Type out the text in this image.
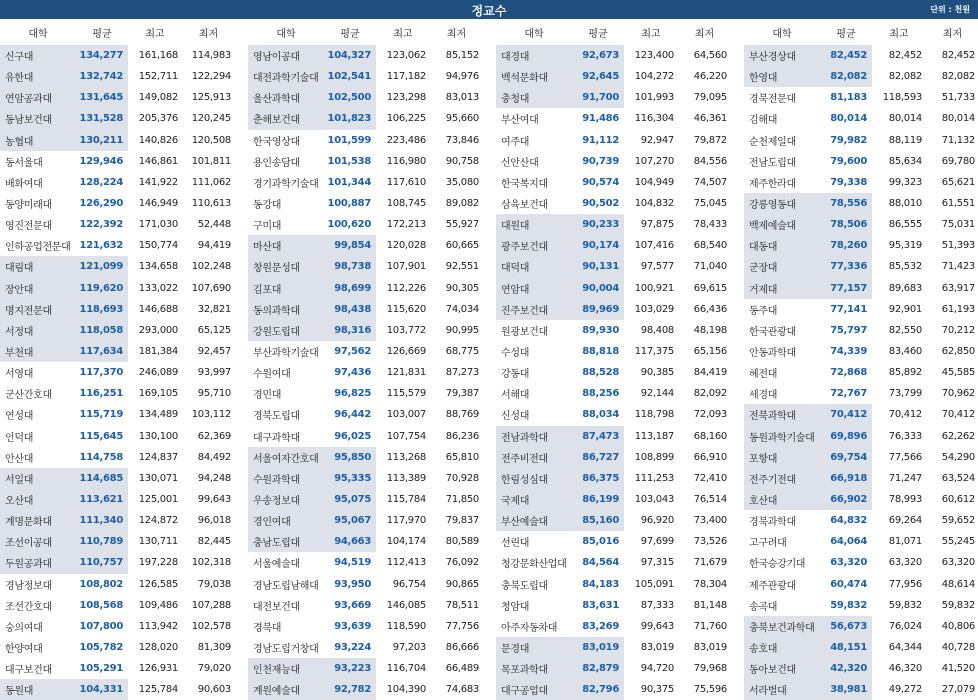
정교수	단위 : 천원
대학	평균	최고	최저
신구대	134,277	161,168	114,983
유한대	132,742	152,711	122,294
연암공과대	131,645	149,082	125,913
동남보건대	131,528	205,376	120,245
농협대	130,211	140,826	120,508
동서울대	129,946	146,861	101,811
배화여대	128,224	141,922	111,062
동양미래대	126,290	146,949	110,613
영진전문대	122,392	171,030	52,448
인하공업전문대 121,632	150,774	94,419
대림대	121,099	134,658	102,248
장안대	119,620	133,022	107,690
명지전문대	118,693	146,688	32,821
서정대	118,058	293,000	65,125
부천대	117,634	181,384	92,457
서영대	117,370	246,089	93,997
군산간호대	116,251	169,105	95,710
연성대	115,719	134,489	103,112
인덕대	115,645	130,100	62,369
안산대	114,758	124,837	84,492
서일대	114,685	130,071	94,248
오산대	113,621	125,001	99,643
계명문화대	111,340	124,872	96,018
조선이공대	110,789	130,711	82,445
두원공과대	110,757	197,228	102,318
경남정보대	108,802	126,585	79,038
조선간호대	108,568	109,486	107,288
숭의여대	107,800	113,942	102,578
한양여대	105,782	128,020	81,309
대구보건대	105,291	126,931	79,020
동원대	104,331	125,784	90,603
대학	평균	최고	최저
영남이공대	104,327	123,062	85,152
대전과학기술대 102,541	117,182	94,976
울산과학대	102,500	123,298	83,013
춘해보건대	101,823	106,225	95,660
한국영상대	101,599	223,486	73,846
용인송담대	101,538	116,980	90,758
경기과학기술대 101,344	117,610	35,080
동강대	100,887	108,745	89,082
구미대	100,620	172,213	55,927
마산대	99,854	120,028	60,665
창원문성대	98,738	107,901	92,551
김포대	98,699	112,226	90,305
동의과학대	98,438	115,620	74,034
강원도립대	98,316	103,772	90,995
부산과학기술대	97,562	126,669	68,775
수원여대	97,436	121,831	87,273
경민대	96,825	115,579	79,387
경북도립대	96,442	103,007	88,769
대구과학대	96,025	107,754	86,236
서울여자간호대	95,850	113,268	65,810
수원과학대	95,335	113,389	70,928
우송정보대	95,075	115,784	71,850
경인여대	95,067	117,970	79,837
충남도립대	94,663	104,174	80,589
서울예술대	94,519	112,413	76,092
경남도립남해대	93,950	96,754	90,865
대전보건대	93,669	146,085	78,511
경북대	93,639	118,590	77,756
경남도립거창대	93,224	97,203	86,666
인천재능대	93,223	116,704	66,489
계원예술대	92,782	104,390	74,683
대학	평균	최고	최저
대경대	92,673	123,400	64,560
백석문화대	92,645	104,272	46,220
충청대	91,700	101,993	79,095
부산여대	91,486	116,304	46,361
여주대	91,112	92,947	79,872
신안산대	90,739	107,270	84,556
한국복지대	90,574	104,949	74,507
삼육보건대	90,502	104,832	75,045
대원대	90,233	97,875	78,433
광주보건대	90,174	107,416	68,540
대덕대	90,131	97,577	71,040
연암대	90,004	100,921	69,615
진주보건대	89,969	103,029	66,436
원광보건대	89,930	98,408	48,198
수성대	88,818	117,375	65,156
강동대	88,528	90,385	84,419
서해대	88,256	92,144	82,092
신성대	88,034	118,798	72,093
전남과학대	87,473	113,187	68,160
전주비전대	86,727	108,899	66,910
한림성심대	86,375	111,253	72,410
국제대	86,199	103,043	76,514
부산예술대	85,160	96,920	73,400
선린대	85,016	97,699	73,526
청강문화산업대	84,564	97,315	71,679
충북도립대	84,183	105,091	78,304
청암대	83,631	87,333	81,148
아주자동차대	83,269	99,643	71,760
문경대	83,019	83,019	83,019
목포과학대	82,879	94,720	79,968
대구공업대	82,796	90,375	75,596
대학	평균	최고	최저
부산경상대	82,452	82,452	82,452
한영대	82,082	82,082	82,082
경북전문대	81,183	118,593	51,733
김해대	80,014	80,014	80,014
순천제일대	79,982	88,119	71,132
전남도립대	79,600	85,634	69,780
제주한라대	79,338	99,323	65,621
강릉영동대	78,556	88,010	61,551
백제예술대	78,506	86,555	75,031
대동대	78,260	95,319	51,393
군장대	77,336	85,532	71,423
거제대	77,157	89,683	63,917
동주대	77,141	92,901	61,193
한국관광대	75,797	82,550	70,212
안동과학대	74,339	83,460	62,850
혜전대	72,868	85,892	45,585
세경대	72,767	73,799	70,962
전북과학대	70,412	70,412	70,412
동원과학기술대	69,896	76,333	62,262
포항대	69,754	77,566	54,290
전주기전대	66,918	71,247	63,524
호산대	66,902	78,993	60,612
경북과학대	64,832	69,264	59,652
고구려대	64,064	81,071	55,245
한국승강기대	63,320	63,320	63,320
제주관광대	60,474	77,956	48,614
송곡대	59,832	59,832	59,832
충북보건과학대	56,673	76,024	40,806
송호대	48,151	64,344	40,728
동아보건대	42,320	46,320	41,520
서라벌대	38,981	49,272	27,079
